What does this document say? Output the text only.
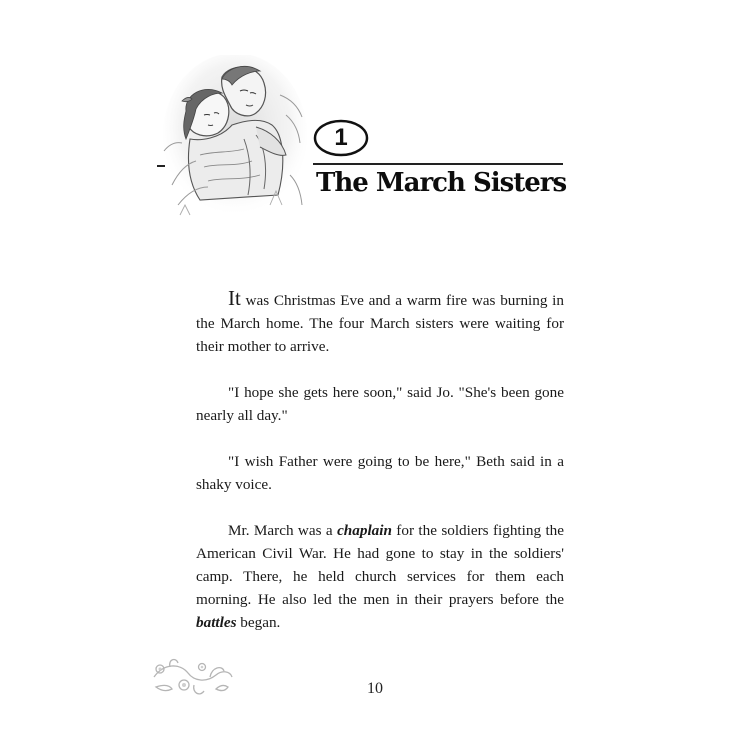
1
The March Sisters

It was Christmas Eve and a warm fire was burning in the March home. The four March sisters were waiting for their mother to arrive.

"I hope she gets here soon," said Jo. "She's been gone nearly all day."

"I wish Father were going to be here," Beth said in a shaky voice.

Mr. March was a chaplain for the soldiers fighting the American Civil War. He had gone to stay in the soldiers' camp. There, he held church services for them each morning. He also led the men in their prayers before the battles began.

10
